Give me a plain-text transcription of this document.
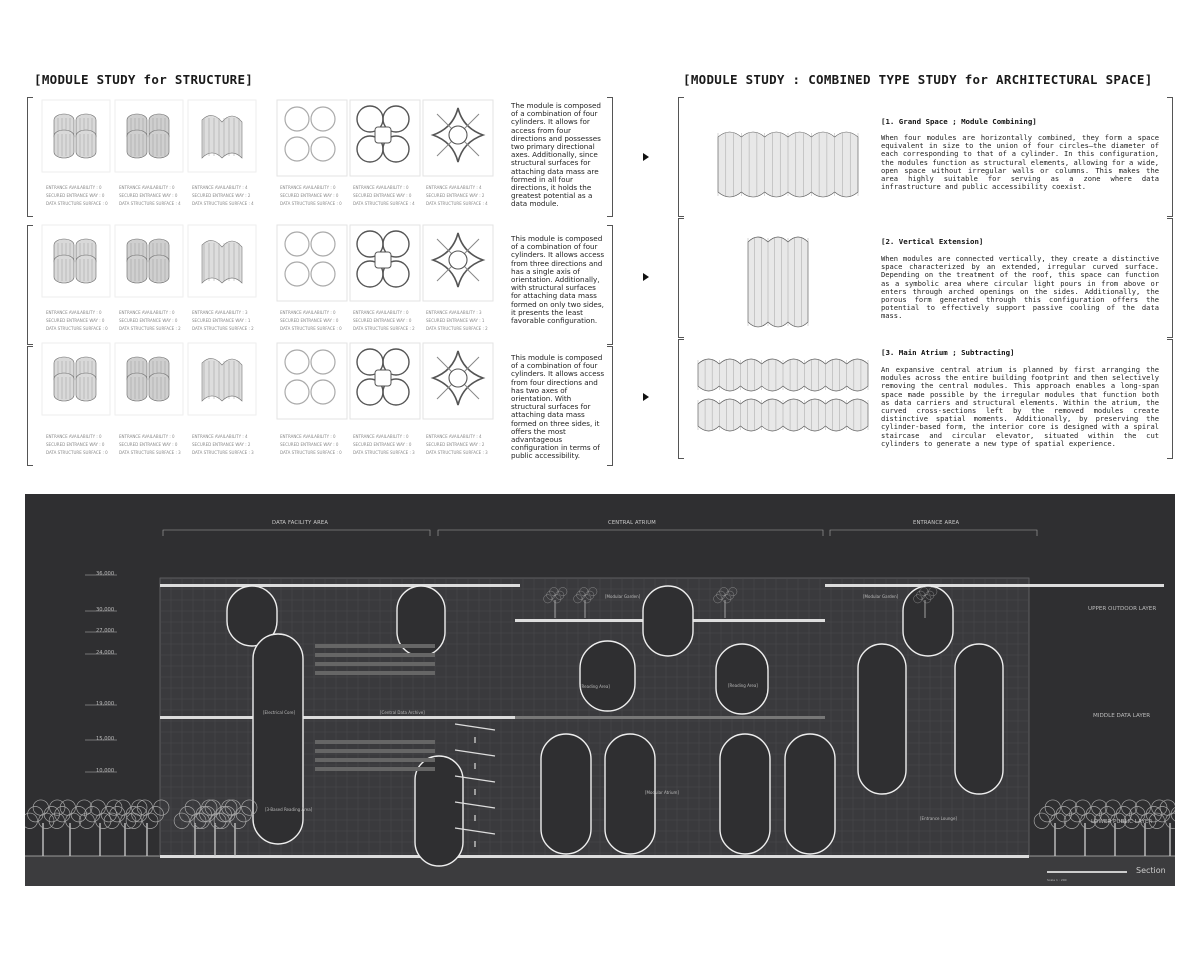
[MODULE STUDY for STRUCTURE]	[MODULE STUDY : COMBINED TYPE STUDY for ARCHITECTURAL SPACE]
The module is composed of a combination of four cylinders. It allows for access from four directions and possesses two primary directional axes. Additionally, since structural surfaces for attaching data mass are formed in all four directions, it holds the greatest potential as a data module.
This module is composed of a combination of four cylinders. It allows access from three directions and has a single axis of orientation. Additionally, with structural surfaces for attaching data mass formed on only two sides, it presents the least favorable configuration.
This module is composed of a combination of four cylinders. It allows access from four directions and has two axes of orientation. With structural surfaces for attaching data mass formed on three sides, it offers the most advantageous configuration in terms of public accessibility.
ENTRANCE AVAILABILITY : 0
SECURED ENTRANCE WAY : 0
DATA STRUCTURE SURFACE : 0
ENTRANCE AVAILABILITY : 0
SECURED ENTRANCE WAY : 0
DATA STRUCTURE SURFACE : 4
ENTRANCE AVAILABILITY : 4
SECURED ENTRANCE WAY : 2
DATA STRUCTURE SURFACE : 4
ENTRANCE AVAILABILITY : 0
SECURED ENTRANCE WAY : 0
DATA STRUCTURE SURFACE : 0
ENTRANCE AVAILABILITY : 0
SECURED ENTRANCE WAY : 0
DATA STRUCTURE SURFACE : 4
ENTRANCE AVAILABILITY : 4
SECURED ENTRANCE WAY : 2
DATA STRUCTURE SURFACE : 4
ENTRANCE AVAILABILITY : 0
SECURED ENTRANCE WAY : 0
DATA STRUCTURE SURFACE : 0
ENTRANCE AVAILABILITY : 0
SECURED ENTRANCE WAY : 0
DATA STRUCTURE SURFACE : 2
ENTRANCE AVAILABILITY : 3
SECURED ENTRANCE WAY : 1
DATA STRUCTURE SURFACE : 2
ENTRANCE AVAILABILITY : 0
SECURED ENTRANCE WAY : 0
DATA STRUCTURE SURFACE : 0
ENTRANCE AVAILABILITY : 0
SECURED ENTRANCE WAY : 0
DATA STRUCTURE SURFACE : 2
ENTRANCE AVAILABILITY : 3
SECURED ENTRANCE WAY : 1
DATA STRUCTURE SURFACE : 2
ENTRANCE AVAILABILITY : 0
SECURED ENTRANCE WAY : 0
DATA STRUCTURE SURFACE : 0
ENTRANCE AVAILABILITY : 0
SECURED ENTRANCE WAY : 0
DATA STRUCTURE SURFACE : 3
ENTRANCE AVAILABILITY : 4
SECURED ENTRANCE WAY : 2
DATA STRUCTURE SURFACE : 3
ENTRANCE AVAILABILITY : 0
SECURED ENTRANCE WAY : 0
DATA STRUCTURE SURFACE : 0
ENTRANCE AVAILABILITY : 0
SECURED ENTRANCE WAY : 0
DATA STRUCTURE SURFACE : 3
ENTRANCE AVAILABILITY : 4
SECURED ENTRANCE WAY : 2
DATA STRUCTURE SURFACE : 3
[1. Grand Space ; Module Combining]
When four modules are horizontally combined, they form a space equivalent in size to the union of four circles—the diameter of each corresponding to that of a cylinder. In this configuration, the modules function as structural elements, allowing for a wide, open space without irregular walls or columns. This makes the area highly suitable for serving as a zone where data infrastructure and public accessibility coexist.
[2. Vertical Extension]
When modules are connected vertically, they create a distinctive space characterized by an extended, irregular curved surface. Depending on the treatment of the roof, this space can function as a symbolic area where circular light pours in from above or enters through arched openings on the sides. Additionally, the porous form generated through this configuration offers the potential to effectively support passive cooling of the data mass.
[3. Main Atrium ; Subtracting]
An expansive central atrium is planned by first arranging the modules across the entire building footprint and then selectively removing the central modules. This approach enables a long-span space made possible by the irregular modules that function both as data carriers and structural elements. Within the atrium, the curved cross-sections left by the removed modules create distinctive spatial moments. Additionally, by preserving the cylinder-based form, the interior core is designed with a spiral staircase and circular elevator, situated within the cut cylinders to generate a new type of spatial experience.
DATA FACILITY AREA	CENTRAL ATRIUM	ENTRANCE AREA
36,000
30,000
27,000
24,000
19,000
15,000
10,000
UPPER OUTDOOR LAYER
MIDDLE DATA LAYER
LOWER PUBLIC LAYER
[Reading Area]
[Central Data Archive]
[3-Based Reading Area]
[Modular Garden]
[Reading Area]
[Modular Atrium]
[Entrance Lounge]
[Modular Garden]
[Electrical Core]
Scale 1 : 200
Section
